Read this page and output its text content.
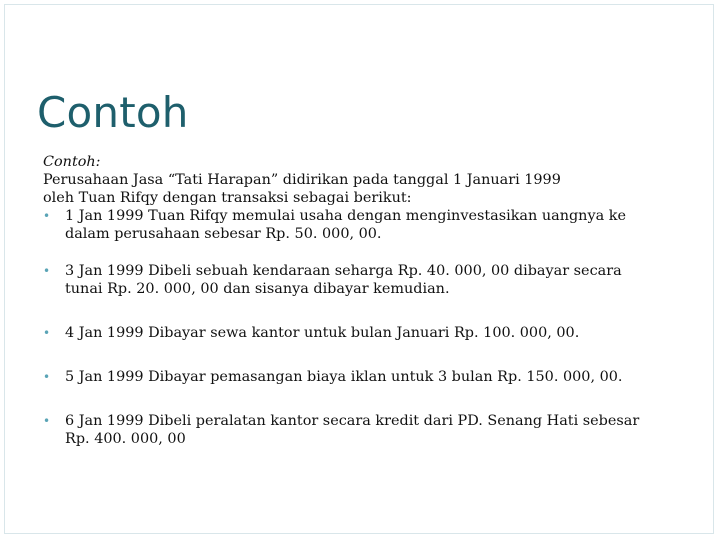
Contoh
Contoh:
Perusahaan Jasa “Tati Harapan” didirikan pada tanggal 1 Januari 1999
oleh Tuan Rifqy dengan transaksi sebagai berikut:
• 1 Jan 1999 Tuan Rifqy memulai usaha dengan menginvestasikan uangnya ke
dalam perusahaan sebesar Rp. 50. 000, 00.
• 3 Jan 1999 Dibeli sebuah kendaraan seharga Rp. 40. 000, 00 dibayar secara
tunai Rp. 20. 000, 00 dan sisanya dibayar kemudian.
• 4 Jan 1999 Dibayar sewa kantor untuk bulan Januari Rp. 100. 000, 00.
• 5 Jan 1999 Dibayar pemasangan biaya iklan untuk 3 bulan Rp. 150. 000, 00.
• 6 Jan 1999 Dibeli peralatan kantor secara kredit dari PD. Senang Hati sebesar
Rp. 400. 000, 00
